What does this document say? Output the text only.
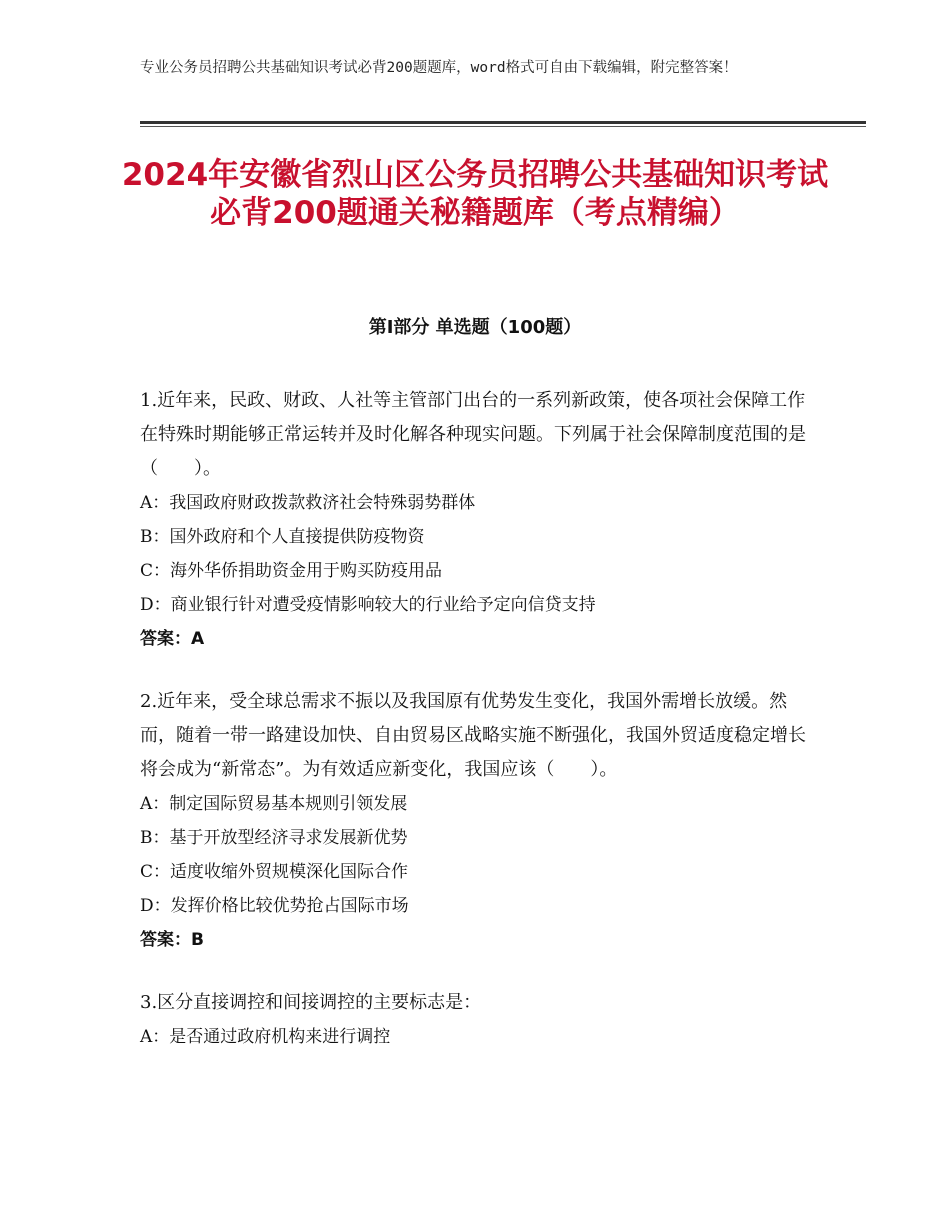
专业公务员招聘公共基础知识考试必背200题题库，word格式可自由下载编辑，附完整答案！
2024年安徽省烈山区公务员招聘公共基础知识考试必背200题通关秘籍题库（考点精编）
第I部分 单选题（100题）

1.近年来，民政、财政、人社等主管部门出台的一系列新政策，使各项社会保障工作在特殊时期能够正常运转并及时化解各种现实问题。下列属于社会保障制度范围的是（　　）。

A：我国政府财政拨款救济社会特殊弱势群体

B：国外政府和个人直接提供防疫物资

C：海外华侨捐助资金用于购买防疫用品

D：商业银行针对遭受疫情影响较大的行业给予定向信贷支持

答案：A

2.近年来，受全球总需求不振以及我国原有优势发生变化，我国外需增长放缓。然而，随着一带一路建设加快、自由贸易区战略实施不断强化，我国外贸适度稳定增长将会成为“新常态”。为有效适应新变化，我国应该（　　）。

A：制定国际贸易基本规则引领发展

B：基于开放型经济寻求发展新优势

C：适度收缩外贸规模深化国际合作

D：发挥价格比较优势抢占国际市场

答案：B

3.区分直接调控和间接调控的主要标志是：

A：是否通过政府机构来进行调控
